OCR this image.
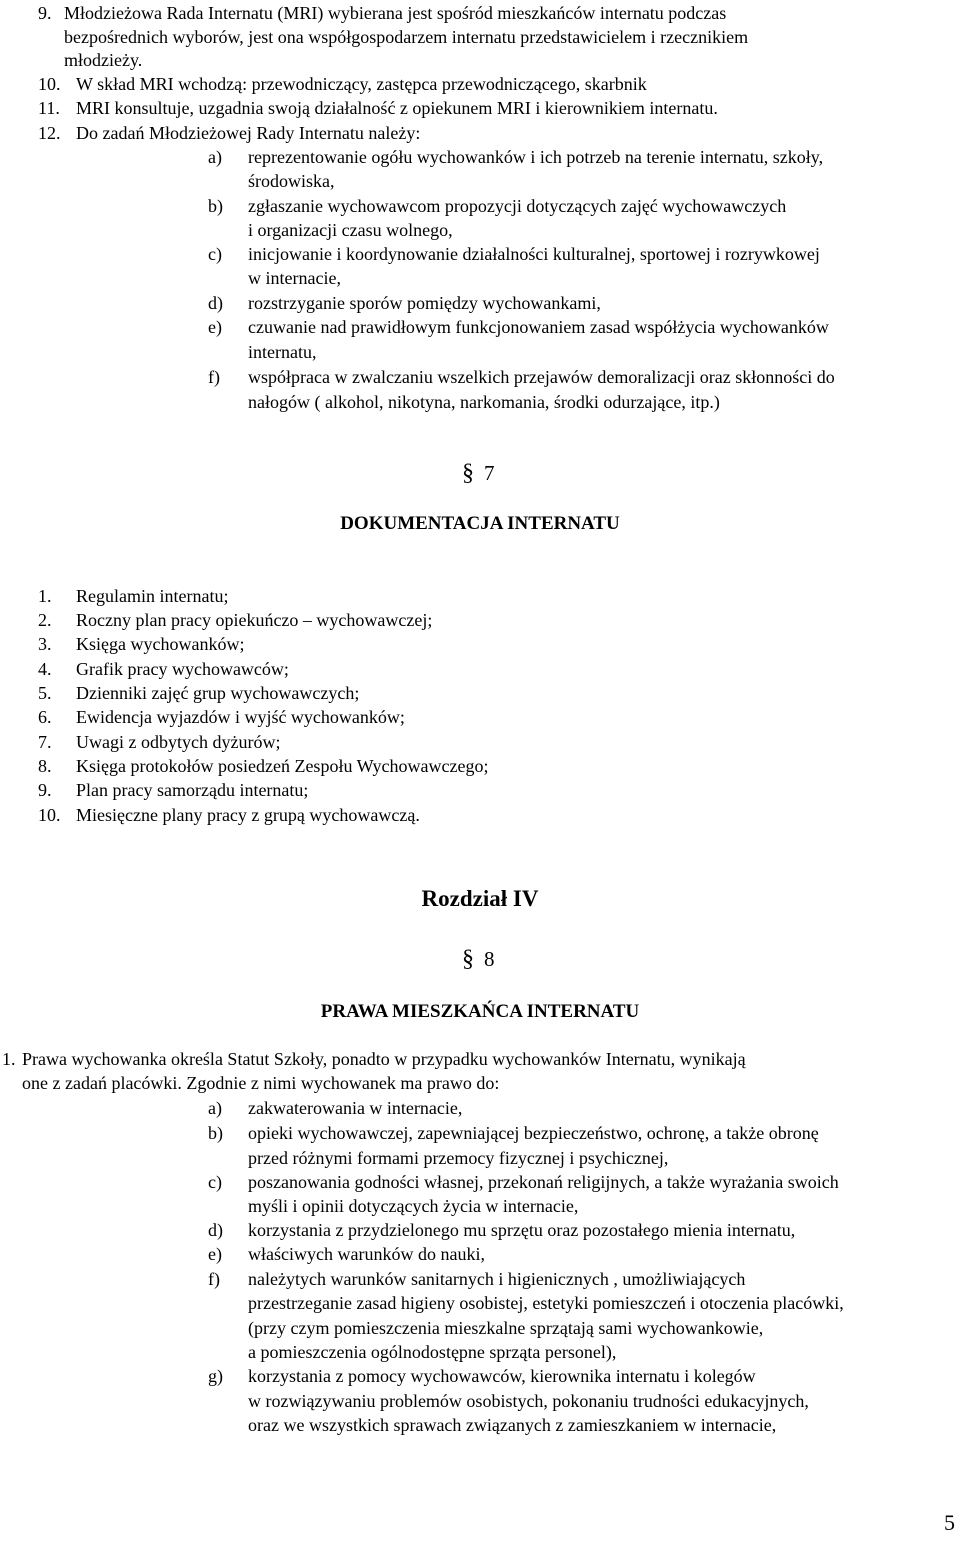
9. Młodzieżowa Rada Internatu (MRI) wybierana jest spośród mieszkańców internatu podczas
bezpośrednich wyborów, jest ona współgospodarzem internatu przedstawicielem i rzecznikiem
młodzieży.
10. W skład MRI wchodzą: przewodniczący, zastępca przewodniczącego, skarbnik
11. MRI konsultuje, uzgadnia swoją działalność z opiekunem MRI i kierownikiem internatu.
12. Do zadań Młodzieżowej Rady Internatu należy:
a) reprezentowanie ogółu wychowanków i ich potrzeb na terenie internatu, szkoły,
środowiska,
b) zgłaszanie wychowawcom propozycji dotyczących zajęć wychowawczych
i organizacji czasu wolnego,
c) inicjowanie i koordynowanie działalności kulturalnej, sportowej i rozrywkowej
w internacie,
d) rozstrzyganie sporów pomiędzy wychowankami,
e) czuwanie nad prawidłowym funkcjonowaniem zasad współżycia wychowanków
internatu,
f) współpraca w zwalczaniu wszelkich przejawów demoralizacji oraz skłonności do
nałogów ( alkohol, nikotyna, narkomania, środki odurzające, itp.)
§ 7
DOKUMENTACJA INTERNATU
1. Regulamin internatu;
2. Roczny plan pracy opiekuńczo – wychowawczej;
3. Księga wychowanków;
4. Grafik pracy wychowawców;
5. Dzienniki zajęć grup wychowawczych;
6. Ewidencja wyjazdów i wyjść wychowanków;
7. Uwagi z odbytych dyżurów;
8. Księga protokołów posiedzeń Zespołu Wychowawczego;
9. Plan pracy samorządu internatu;
10. Miesięczne plany pracy z grupą wychowawczą.
Rozdział IV
§ 8
PRAWA MIESZKAŃCA INTERNATU
1. Prawa wychowanka określa Statut Szkoły, ponadto w przypadku wychowanków Internatu, wynikają
one z zadań placówki. Zgodnie z nimi wychowanek ma prawo do:
a) zakwaterowania w internacie,
b) opieki wychowawczej, zapewniającej bezpieczeństwo, ochronę, a także obronę
przed różnymi formami przemocy fizycznej i psychicznej,
c) poszanowania godności własnej, przekonań religijnych, a także wyrażania swoich
myśli i opinii dotyczących życia w internacie,
d) korzystania z przydzielonego mu sprzętu oraz pozostałego mienia internatu,
e) właściwych warunków do nauki,
f) należytych warunków sanitarnych i higienicznych , umożliwiających
przestrzeganie zasad higieny osobistej, estetyki pomieszczeń i otoczenia placówki,
(przy czym pomieszczenia mieszkalne sprzątają sami wychowankowie,
a pomieszczenia ogólnodostępne sprząta personel),
g) korzystania z pomocy wychowawców, kierownika internatu i kolegów
w rozwiązywaniu problemów osobistych, pokonaniu trudności edukacyjnych,
oraz we wszystkich sprawach związanych z zamieszkaniem w internacie,
5
